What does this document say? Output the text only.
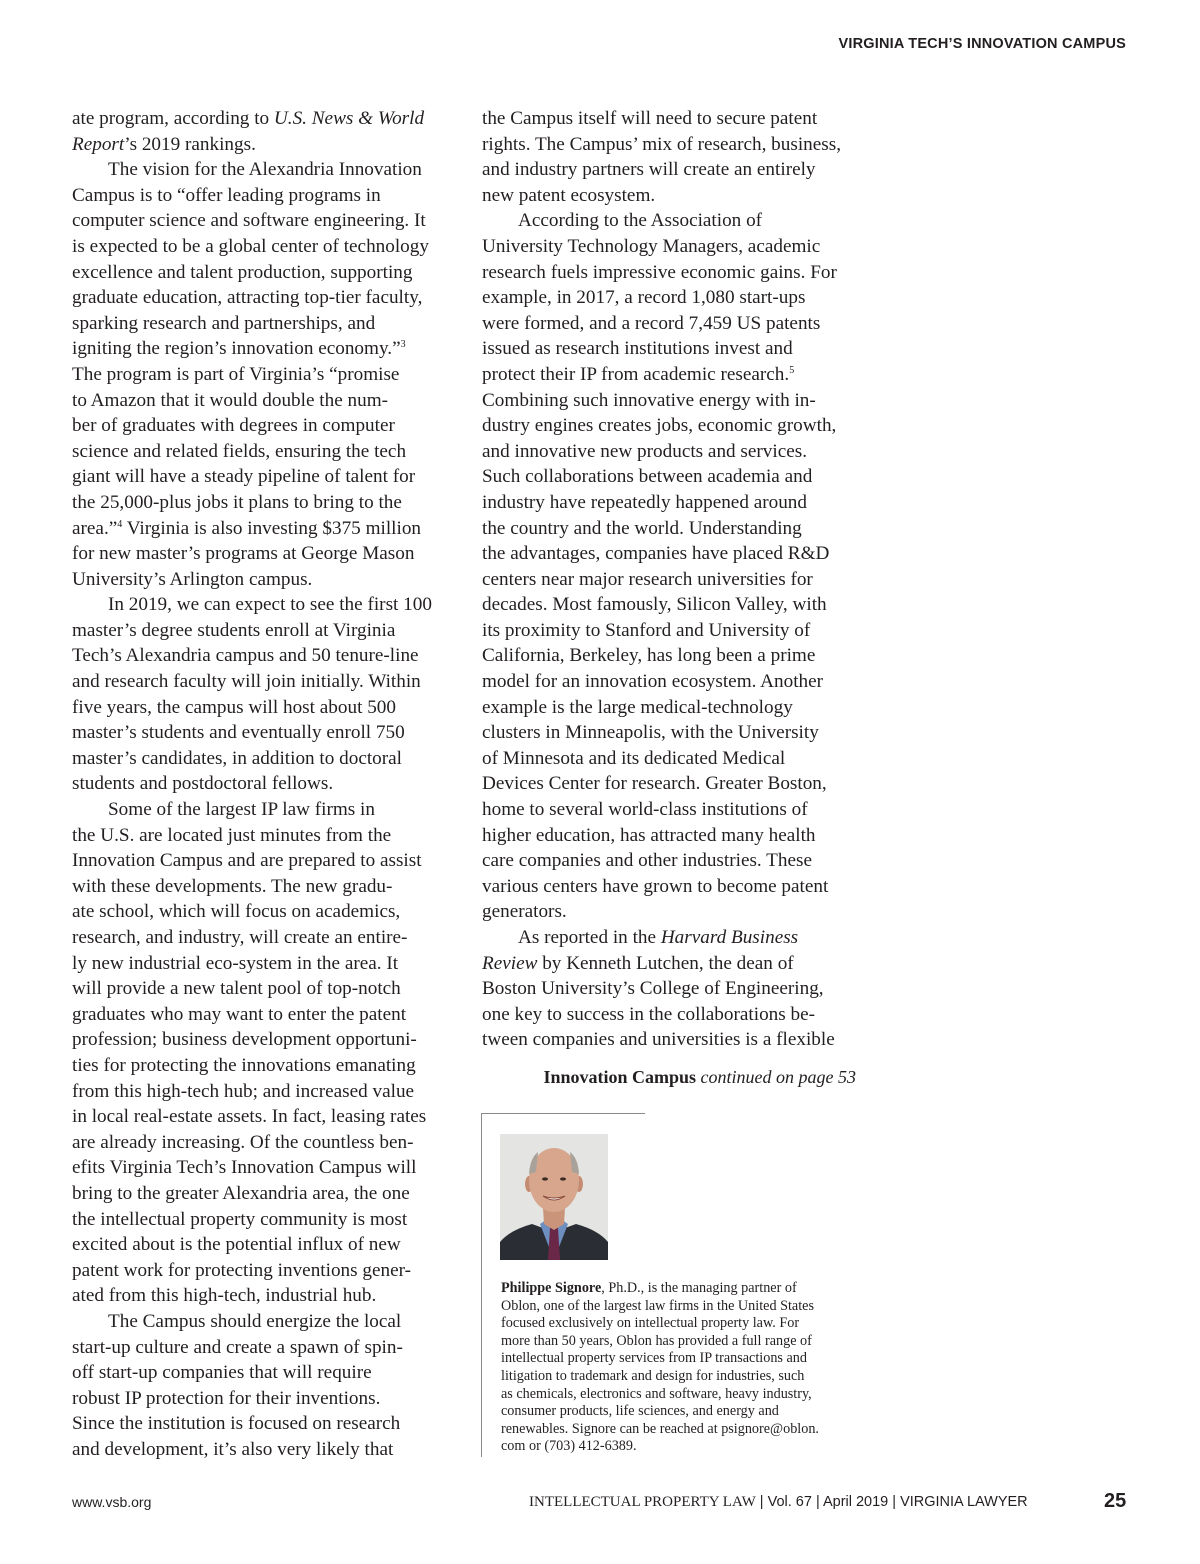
VIRGINIA TECH’S INNOVATION CAMPUS
ate program, according to U.S. News & World
Report’s 2019 rankings.
The vision for the Alexandria Innovation
Campus is to “offer leading programs in
computer science and software engineering. It
is expected to be a global center of technology
excellence and talent production, supporting
graduate education, attracting top-tier faculty,
sparking research and partnerships, and
igniting the region’s innovation economy.”$^3$
The program is part of Virginia’s “promise
to Amazon that it would double the num-
ber of graduates with degrees in computer
science and related fields, ensuring the tech
giant will have a steady pipeline of talent for
the 25,000-plus jobs it plans to bring to the
area.”$^4$ Virginia is also investing $375 million
for new master’s programs at George Mason
University’s Arlington campus.
In 2019, we can expect to see the first 100
master’s degree students enroll at Virginia
Tech’s Alexandria campus and 50 tenure-line
and research faculty will join initially. Within
five years, the campus will host about 500
master’s students and eventually enroll 750
master’s candidates, in addition to doctoral
students and postdoctoral fellows.
Some of the largest IP law firms in
the U.S. are located just minutes from the
Innovation Campus and are prepared to assist
with these developments. The new gradu-
ate school, which will focus on academics,
research, and industry, will create an entire-
ly new industrial eco-system in the area. It
will provide a new talent pool of top-notch
graduates who may want to enter the patent
profession; business development opportuni-
ties for protecting the innovations emanating
from this high-tech hub; and increased value
in local real-estate assets. In fact, leasing rates
are already increasing. Of the countless ben-
efits Virginia Tech’s Innovation Campus will
bring to the greater Alexandria area, the one
the intellectual property community is most
excited about is the potential influx of new
patent work for protecting inventions gener-
ated from this high-tech, industrial hub.
The Campus should energize the local
start-up culture and create a spawn of spin-
off start-up companies that will require
robust IP protection for their inventions.
Since the institution is focused on research
and development, it’s also very likely that
the Campus itself will need to secure patent
rights. The Campus’ mix of research, business,
and industry partners will create an entirely
new patent ecosystem.
According to the Association of
University Technology Managers, academic
research fuels impressive economic gains. For
example, in 2017, a record 1,080 start-ups
were formed, and a record 7,459 US patents
issued as research institutions invest and
protect their IP from academic research.$^5$
Combining such innovative energy with in-
dustry engines creates jobs, economic growth,
and innovative new products and services.
Such collaborations between academia and
industry have repeatedly happened around
the country and the world. Understanding
the advantages, companies have placed R&D
centers near major research universities for
decades. Most famously, Silicon Valley, with
its proximity to Stanford and University of
California, Berkeley, has long been a prime
model for an innovation ecosystem. Another
example is the large medical-technology
clusters in Minneapolis, with the University
of Minnesota and its dedicated Medical
Devices Center for research. Greater Boston,
home to several world-class institutions of
higher education, has attracted many health
care companies and other industries. These
various centers have grown to become patent
generators.
As reported in the Harvard Business
Review by Kenneth Lutchen, the dean of
Boston University’s College of Engineering,
one key to success in the collaborations be-
tween companies and universities is a flexible
Innovation Campus continued on page 53
Philippe Signore, Ph.D., is the managing partner of
Oblon, one of the largest law firms in the United States
focused exclusively on intellectual property law. For
more than 50 years, Oblon has provided a full range of
intellectual property services from IP transactions and
litigation to trademark and design for industries, such
as chemicals, electronics and software, heavy industry,
consumer products, life sciences, and energy and
renewables. Signore can be reached at psignore@oblon.
com or (703) 412-6389.
www.vsb.org	INTELLECTUAL PROPERTY LAW | Vol. 67 | April 2019 | VIRGINIA LAWYER	25
